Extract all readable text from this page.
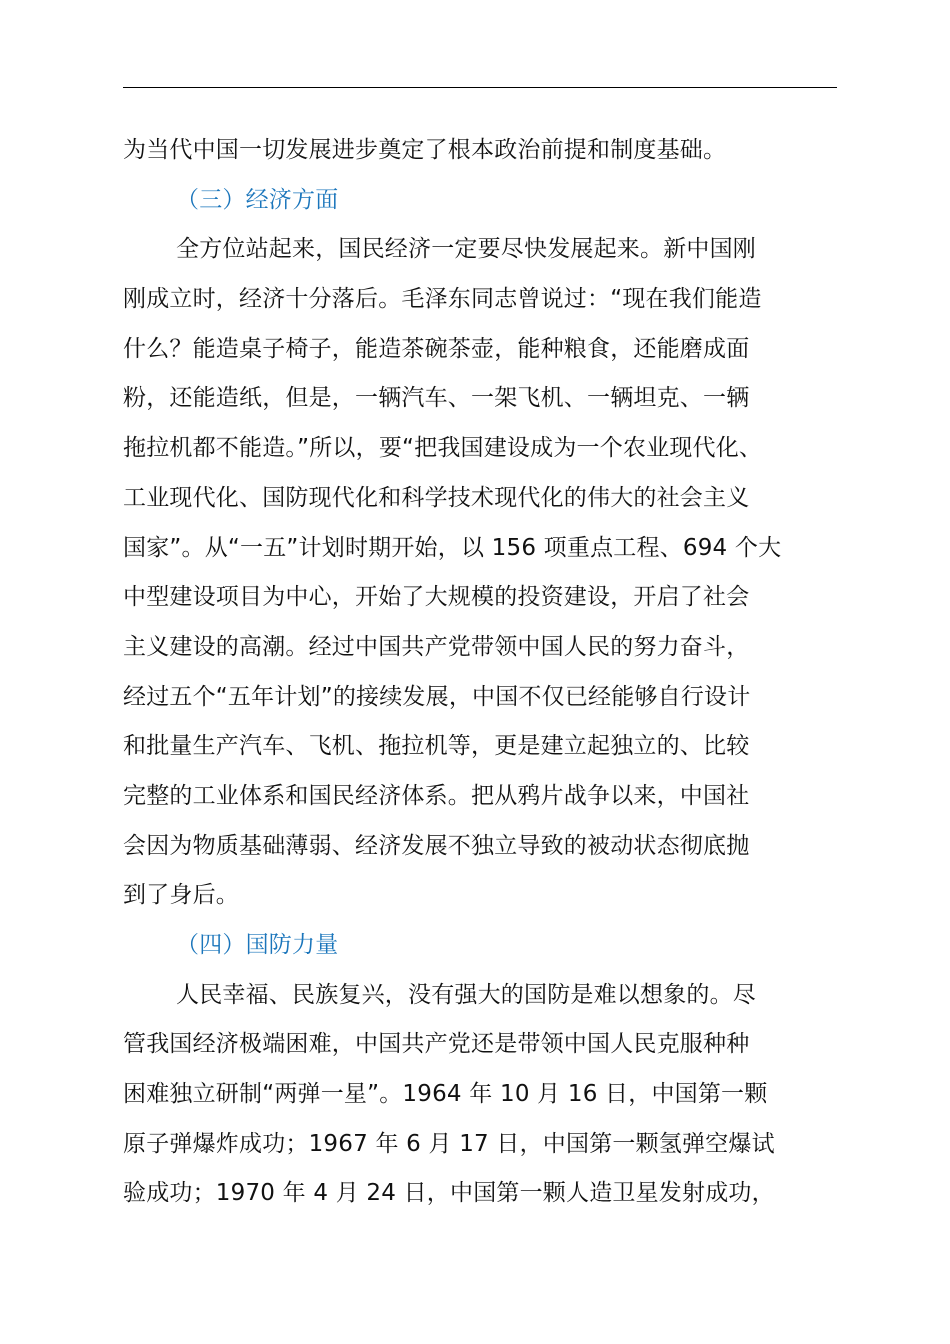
为当代中国一切发展进步奠定了根本政治前提和制度基础。
（三）经济方面
全方位站起来，国民经济一定要尽快发展起来。新中国刚
刚成立时，经济十分落后。毛泽东同志曾说过：“现在我们能造
什么？能造桌子椅子，能造茶碗茶壶，能种粮食，还能磨成面
粉，还能造纸，但是，一辆汽车、一架飞机、一辆坦克、一辆
拖拉机都不能造。”所以，要“把我国建设成为一个农业现代化、
工业现代化、国防现代化和科学技术现代化的伟大的社会主义
国家”。从“一五”计划时期开始，以 156 项重点工程、694 个大
中型建设项目为中心，开始了大规模的投资建设，开启了社会
主义建设的高潮。经过中国共产党带领中国人民的努力奋斗，
经过五个“五年计划”的接续发展，中国不仅已经能够自行设计
和批量生产汽车、飞机、拖拉机等，更是建立起独立的、比较
完整的工业体系和国民经济体系。把从鸦片战争以来，中国社
会因为物质基础薄弱、经济发展不独立导致的被动状态彻底抛
到了身后。
（四）国防力量
人民幸福、民族复兴，没有强大的国防是难以想象的。尽
管我国经济极端困难，中国共产党还是带领中国人民克服种种
困难独立研制“两弹一星”。1964 年 10 月 16 日，中国第一颗
原子弹爆炸成功；1967 年 6 月 17 日，中国第一颗氢弹空爆试
验成功；1970 年 4 月 24 日，中国第一颗人造卫星发射成功，
